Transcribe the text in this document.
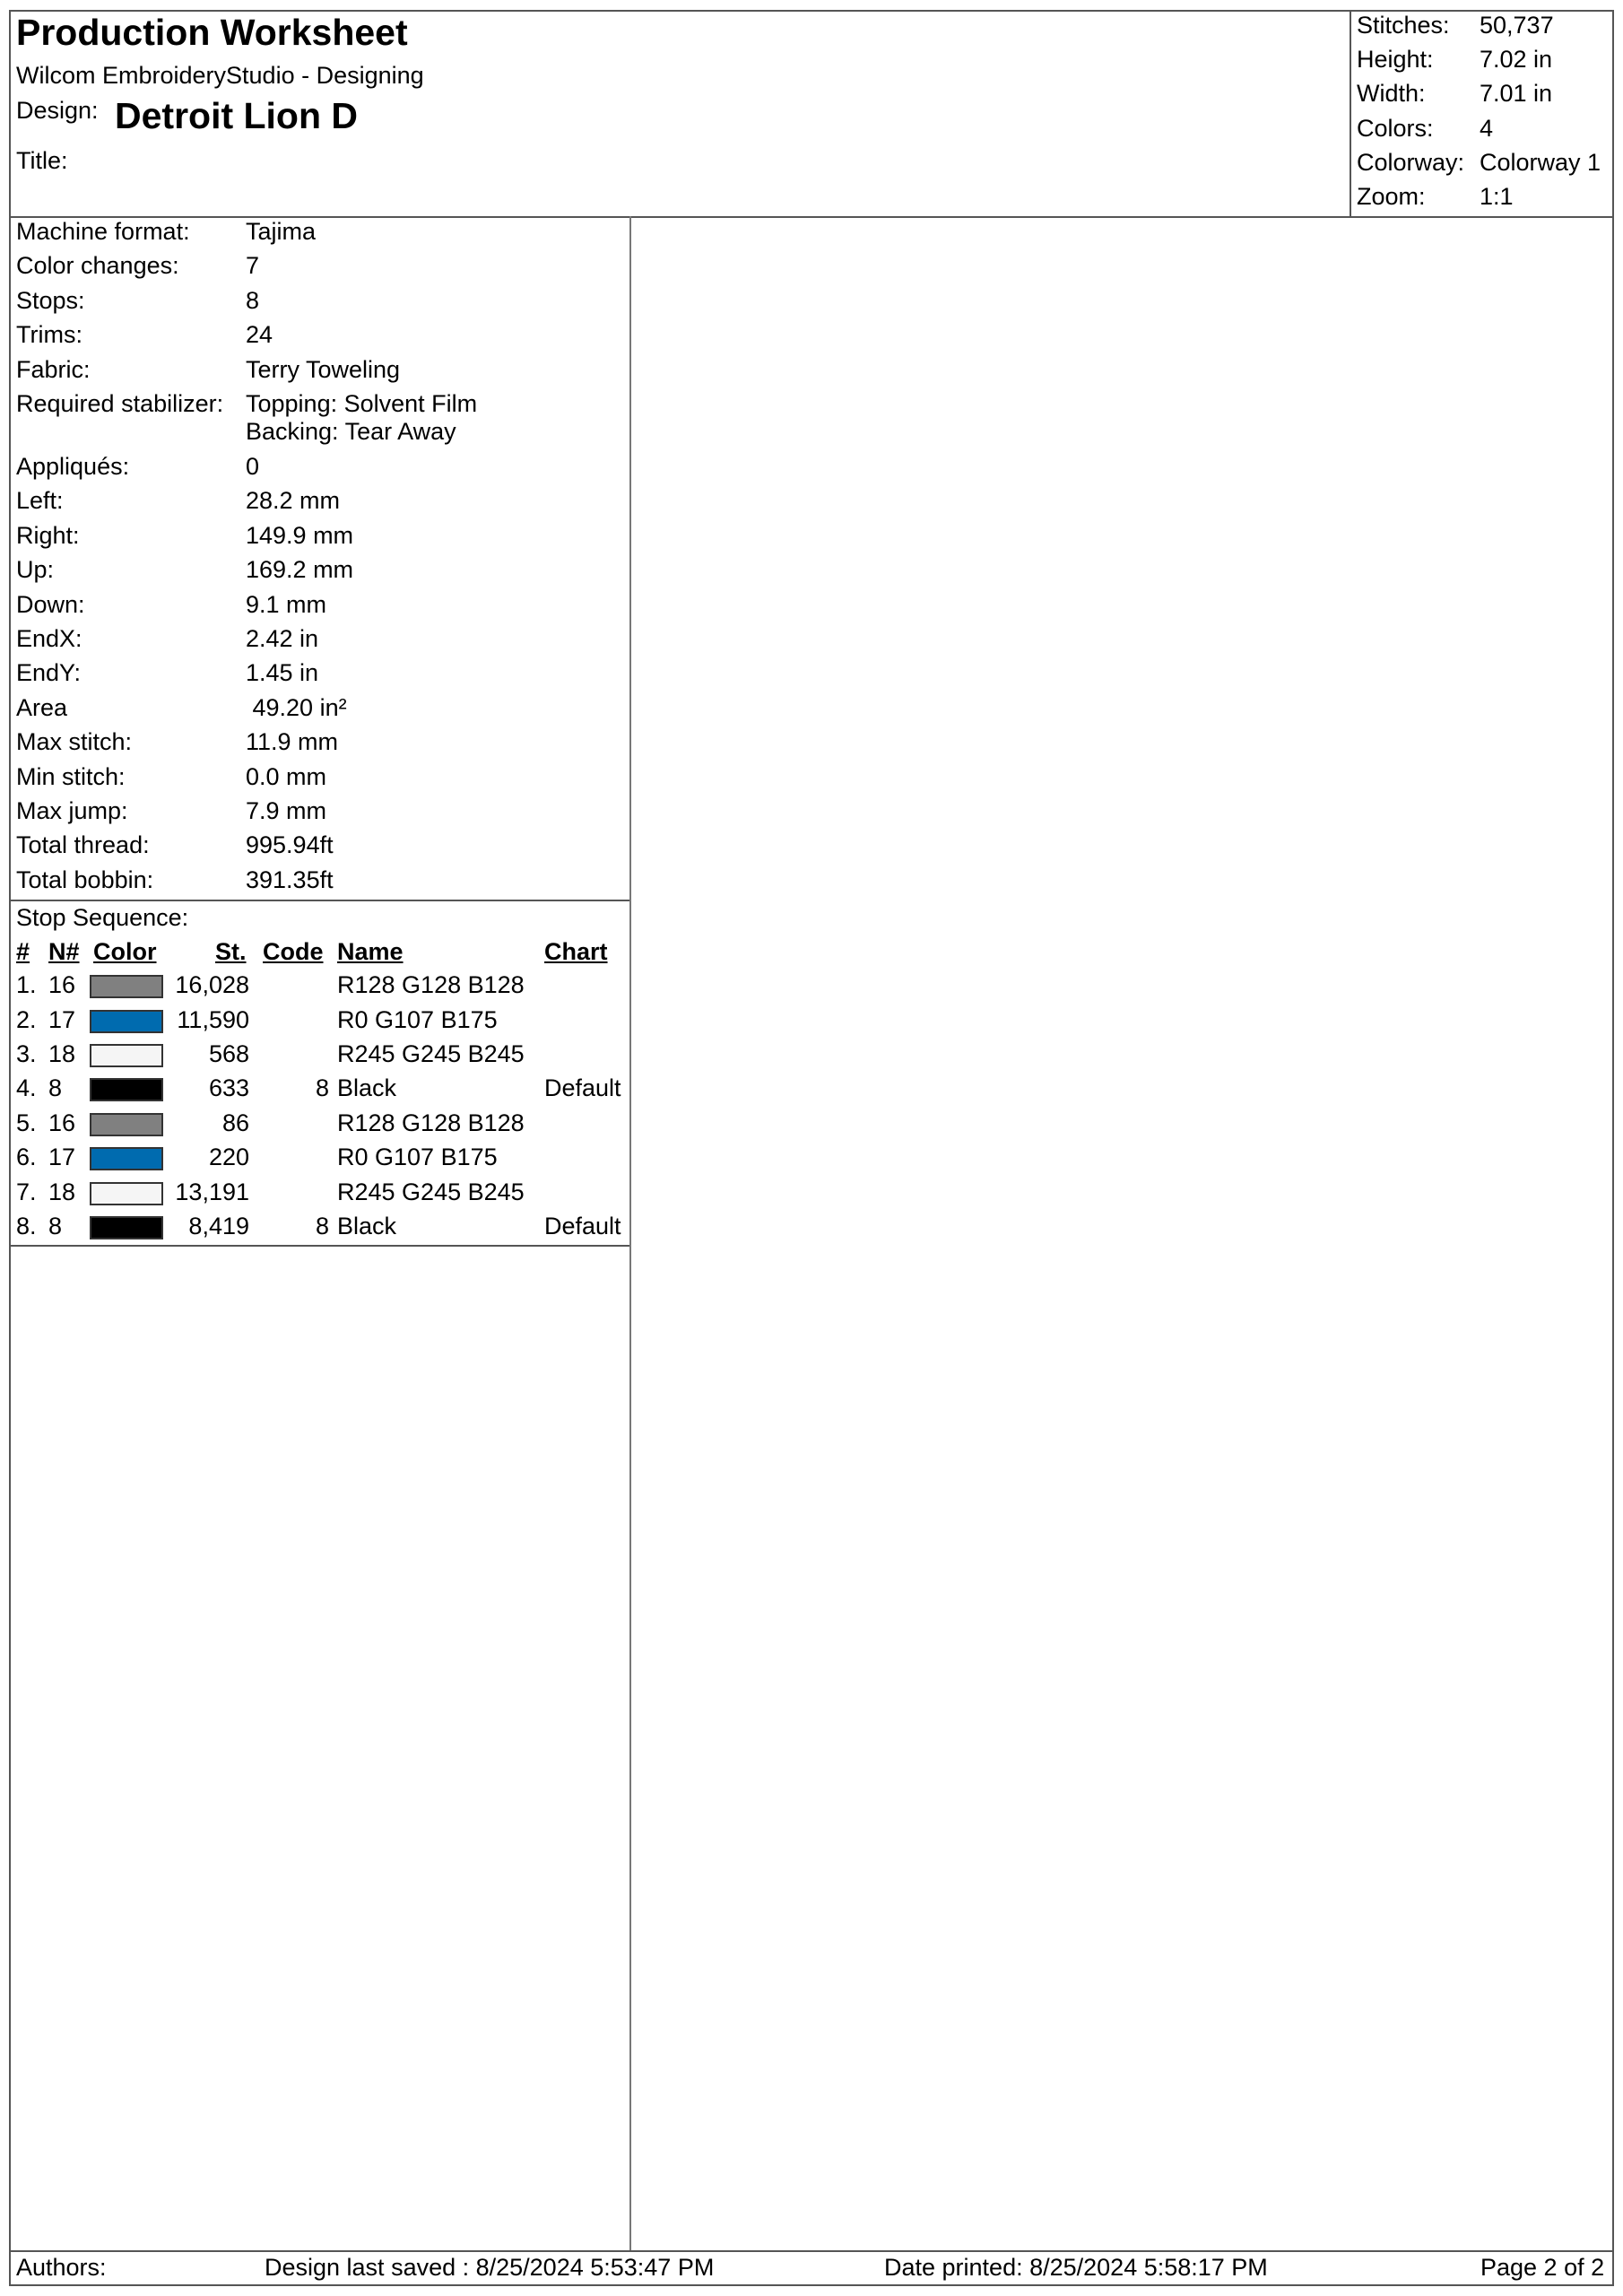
Production Worksheet
Wilcom EmbroideryStudio - Designing
Design: Detroit Lion D
Title:
Stitches: 50,737
Height: 7.02 in
Width: 7.01 in
Colors: 4
Colorway: Colorway 1
Zoom: 1:1
Machine format: Tajima
Color changes:	7
Stops:	8
Trims:	24
Fabric:	Terry Toweling
Required stabilizer: Topping: Solvent Film
Backing: Tear Away
Appliqués:	0
Left:	28.2 mm
Right:	149.9 mm
Up:	169.2 mm
Down:	9.1 mm
EndX:	2.42 in
EndY:	1.45 in
Area	49.20 in²
Max stitch:	11.9 mm
Min stitch:	0.0 mm
Max jump:	7.9 mm
Total thread:	995.94ft
Total bobbin:	391.35ft
Stop Sequence:
# N# Color St. Code Name	Chart
1. 16	16,028	R128 G128 B128
2. 17	11,590	R0 G107 B175
3. 18	568	R245 G245 B245
4. 8	633	8 Black	Default
5. 16	86	R128 G128 B128
6. 17	220	R0 G107 B175
7. 18	13,191	R245 G245 B245
8. 8	8,419	8 Black	Default
Authors:	Design last saved : 8/25/2024 5:53:47 PM	Date printed: 8/25/2024 5:58:17 PM	Page 2 of 2
